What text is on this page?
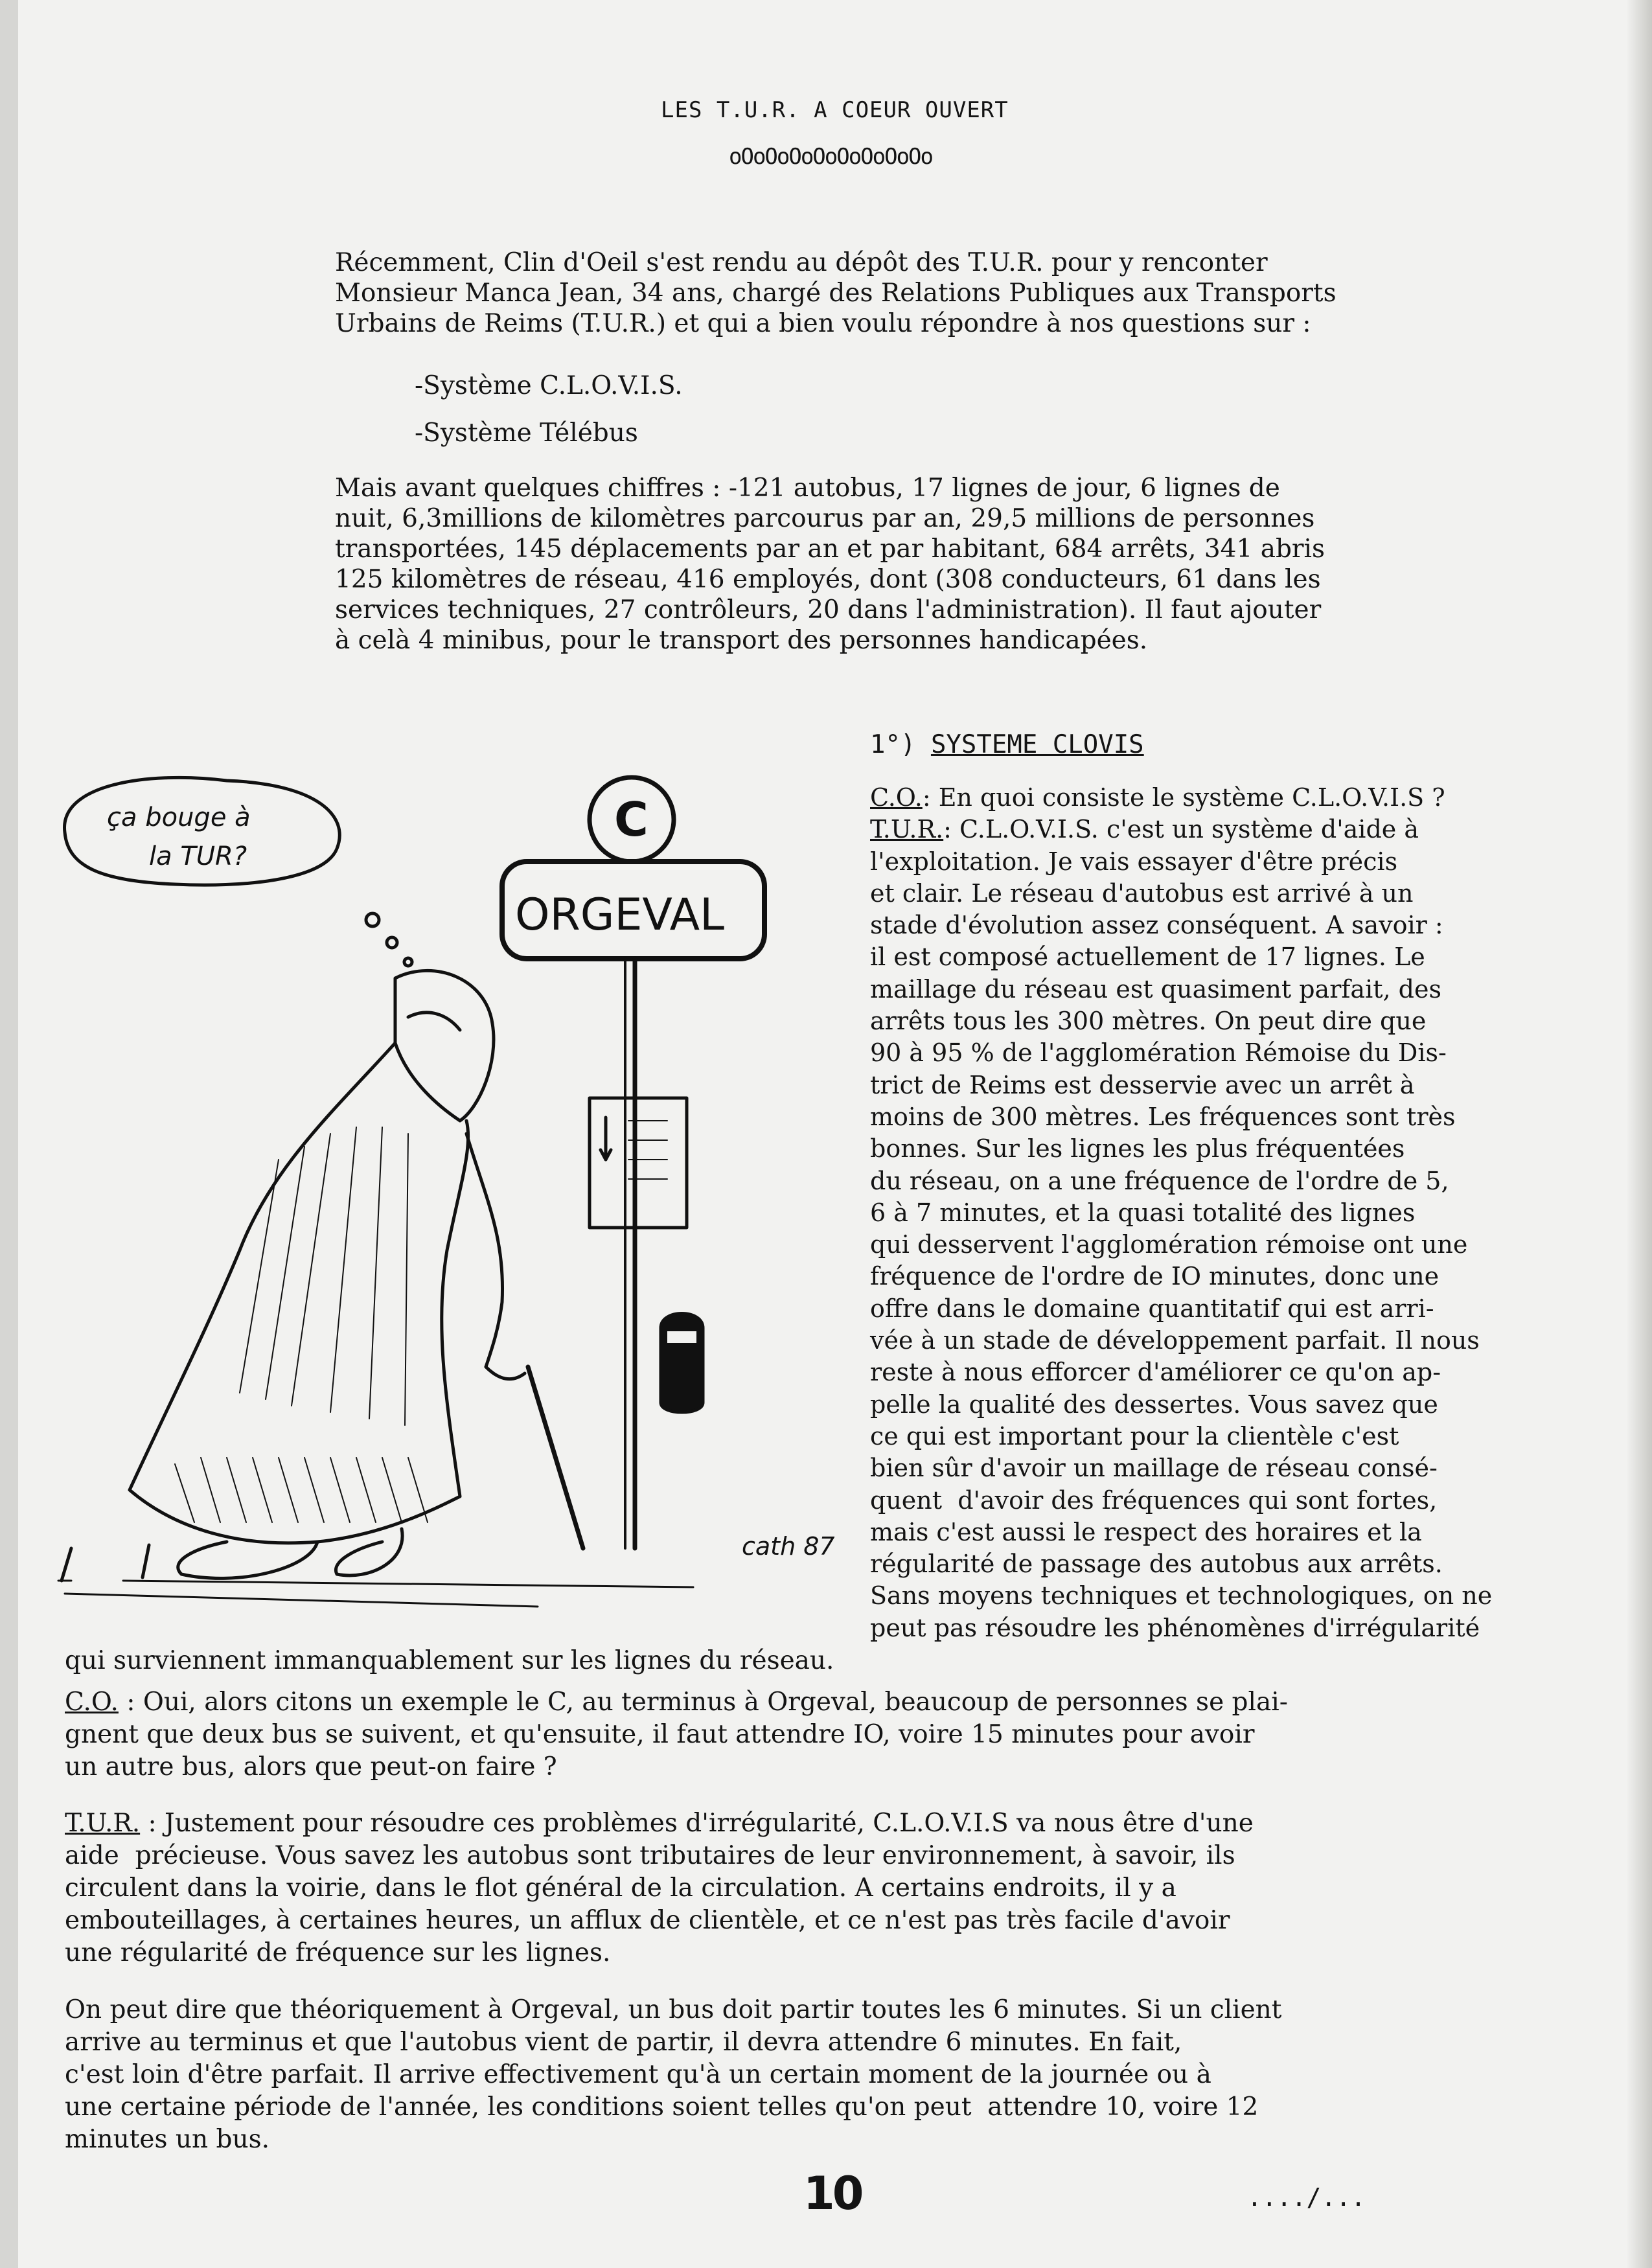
LES T.U.R. A COEUR OUVERT
oOoOoOoOoOoOoOoOo
Récemment, Clin d'Oeil s'est rendu au dépôt des T.U.R. pour y renconter
Monsieur Manca Jean, 34 ans, chargé des Relations Publiques aux Transports
Urbains de Reims (T.U.R.) et qui a bien voulu répondre à nos questions sur :
-Système C.L.O.V.I.S.
-Système Télébus
Mais avant quelques chiffres : -121 autobus, 17 lignes de jour, 6 lignes de
nuit, 6,3millions de kilomètres parcourus par an, 29,5 millions de personnes
transportées, 145 déplacements par an et par habitant, 684 arrêts, 341 abris
125 kilomètres de réseau, 416 employés, dont (308 conducteurs, 61 dans les
services techniques, 27 contrôleurs, 20 dans l'administration). Il faut ajouter
à celà 4 minibus, pour le transport des personnes handicapées.
1°) SYSTEME CLOVIS
C.O.: En quoi consiste le système C.L.O.V.I.S ?
T.U.R.: C.L.O.V.I.S. c'est un système d'aide à
l'exploitation. Je vais essayer d'être précis
et clair. Le réseau d'autobus est arrivé à un
stade d'évolution assez conséquent. A savoir :
il est composé actuellement de 17 lignes. Le
maillage du réseau est quasiment parfait, des
arrêts tous les 300 mètres. On peut dire que
90 à 95 % de l'agglomération Rémoise du Dis-
trict de Reims est desservie avec un arrêt à
moins de 300 mètres. Les fréquences sont très
bonnes. Sur les lignes les plus fréquentées
du réseau, on a une fréquence de l'ordre de 5,
6 à 7 minutes, et la quasi totalité des lignes
qui desservent l'agglomération rémoise ont une
fréquence de l'ordre de IO minutes, donc une
offre dans le domaine quantitatif qui est arri-
vée à un stade de développement parfait. Il nous
reste à nous efforcer d'améliorer ce qu'on ap-
pelle la qualité des dessertes. Vous savez que
ce qui est important pour la clientèle c'est
bien sûr d'avoir un maillage de réseau consé-
quent  d'avoir des fréquences qui sont fortes,
mais c'est aussi le respect des horaires et la
régularité de passage des autobus aux arrêts.
Sans moyens techniques et technologiques, on ne
peut pas résoudre les phénomènes d'irrégularité
qui surviennent immanquablement sur les lignes du réseau.
C.O. : Oui, alors citons un exemple le C, au terminus à Orgeval, beaucoup de personnes se plai-
gnent que deux bus se suivent, et qu'ensuite, il faut attendre IO, voire 15 minutes pour avoir
un autre bus, alors que peut-on faire ?
T.U.R. : Justement pour résoudre ces problèmes d'irrégularité, C.L.O.V.I.S va nous être d'une
aide  précieuse. Vous savez les autobus sont tributaires de leur environnement, à savoir, ils
circulent dans la voirie, dans le flot général de la circulation. A certains endroits, il y a
embouteillages, à certaines heures, un afflux de clientèle, et ce n'est pas très facile d'avoir
une régularité de fréquence sur les lignes.
On peut dire que théoriquement à Orgeval, un bus doit partir toutes les 6 minutes. Si un client
arrive au terminus et que l'autobus vient de partir, il devra attendre 6 minutes. En fait,
c'est loin d'être parfait. Il arrive effectivement qu'à un certain moment de la journée ou à
une certaine période de l'année, les conditions soient telles qu'on peut  attendre 10, voire 12
minutes un bus.
ça bouge à
la TUR?
C
ORGEVAL
cath 87
10	..../...
